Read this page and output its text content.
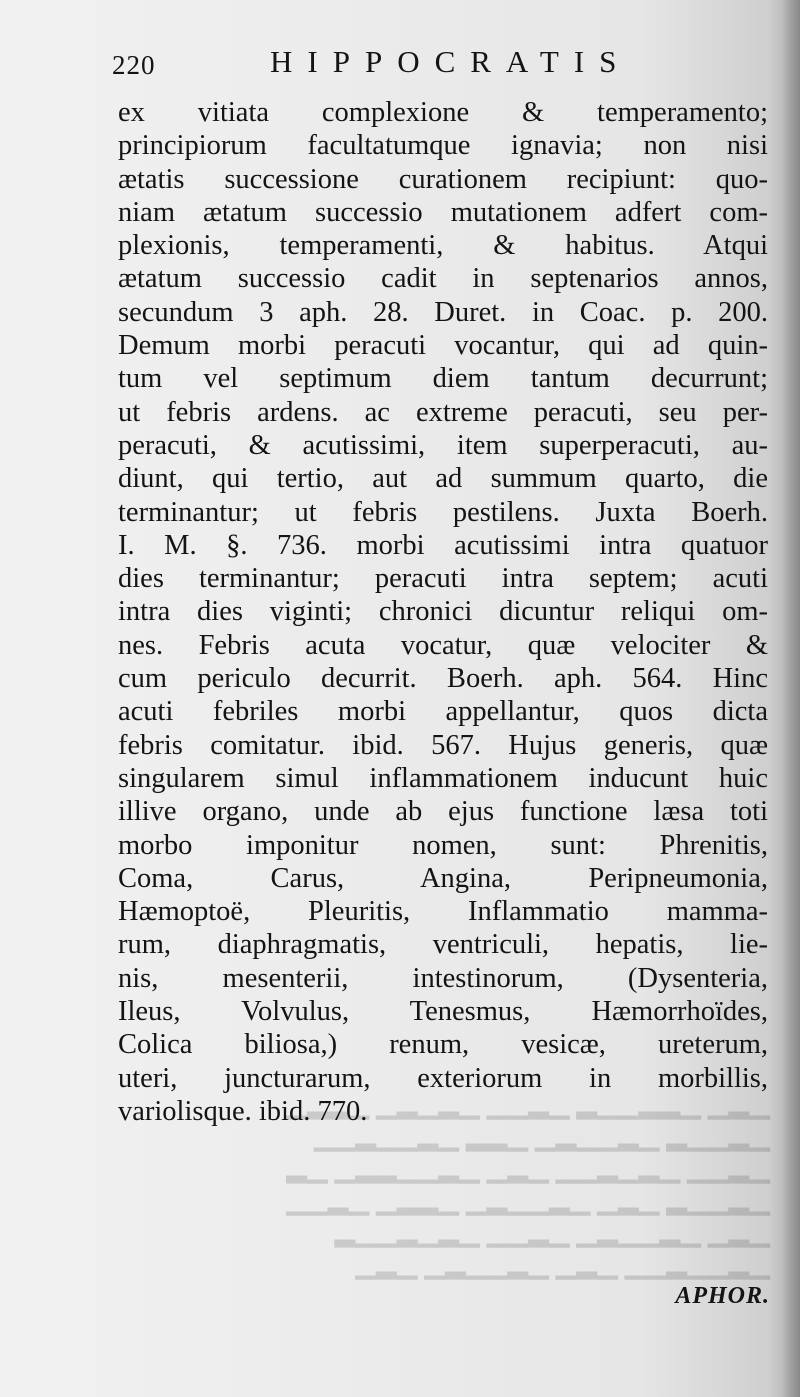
220	HIPPOCRATIS
ex vitiata complexione & temperamento;
principiorum facultatumque ignavia; non nisi
ætatis successione curationem recipiunt: quo-
niam ætatum successio mutationem adfert com-
plexionis, temperamenti, & habitus. Atqui
ætatum successio cadit in septenarios annos,
secundum 3 aph. 28. Duret. in Coac. p. 200.
Demum morbi peracuti vocantur, qui ad quin-
tum vel septimum diem tantum decurrunt;
ut febris ardens. ac extreme peracuti, seu per-
peracuti, & acutissimi, item superperacuti, au-
diunt, qui tertio, aut ad summum quarto, die
terminantur; ut febris pestilens. Juxta Boerh.
I. M. §. 736. morbi acutissimi intra quatuor
dies terminantur; peracuti intra septem; acuti
intra dies viginti; chronici dicuntur reliqui om-
nes. Febris acuta vocatur, quæ velociter &
cum periculo decurrit. Boerh. aph. 564. Hinc
acuti febriles morbi appellantur, quos dicta
febris comitatur. ibid. 567. Hujus generis, quæ
singularem simul inflammationem inducunt huic
illive organo, unde ab ejus functione læsa toti
morbo imponitur nomen, sunt: Phrenitis,
Coma, Carus, Angina, Peripneumonia,
Hæmoptoë, Pleuritis, Inflammatio mamma-
rum, diaphragmatis, ventriculi, hepatis, lie-
nis, mesenterii, intestinorum, (Dysenteria,
Ileus, Volvulus, Tenesmus, Hæmorrhoïdes,
Colica biliosa,) renum, vesicæ, ureterum,
uteri, juncturarum, exteriorum in morbillis,
variolisque. ibid. 770.
▁▂▁ ▁▂▂▁▁▂ ▁▂▁▁ ▁▂▁▂▁ ▁▂▂▁
▁▂▁▁▂ ▁▂▁▁▂▁ ▁▂▂ ▁▂▁▁▂▁▁
▁▂▁▁ ▁▂▁▂▁▁ ▁▂▁ ▁▂▁▁▂▂▁ ▁▂
▁▂▁▁▂ ▁▂▁ ▁▂▁▁▂▁ ▁▂▂▁ ▁▂▁▁
▁▂▁ ▁▂▁▁▂▁ ▁▂▁▁ ▁▂▁▂▁▁▂
▁▂▁▁▂▁▁ ▁▂▁ ▁▂▁▁▂▁ ▁▂▁
APHOR.
